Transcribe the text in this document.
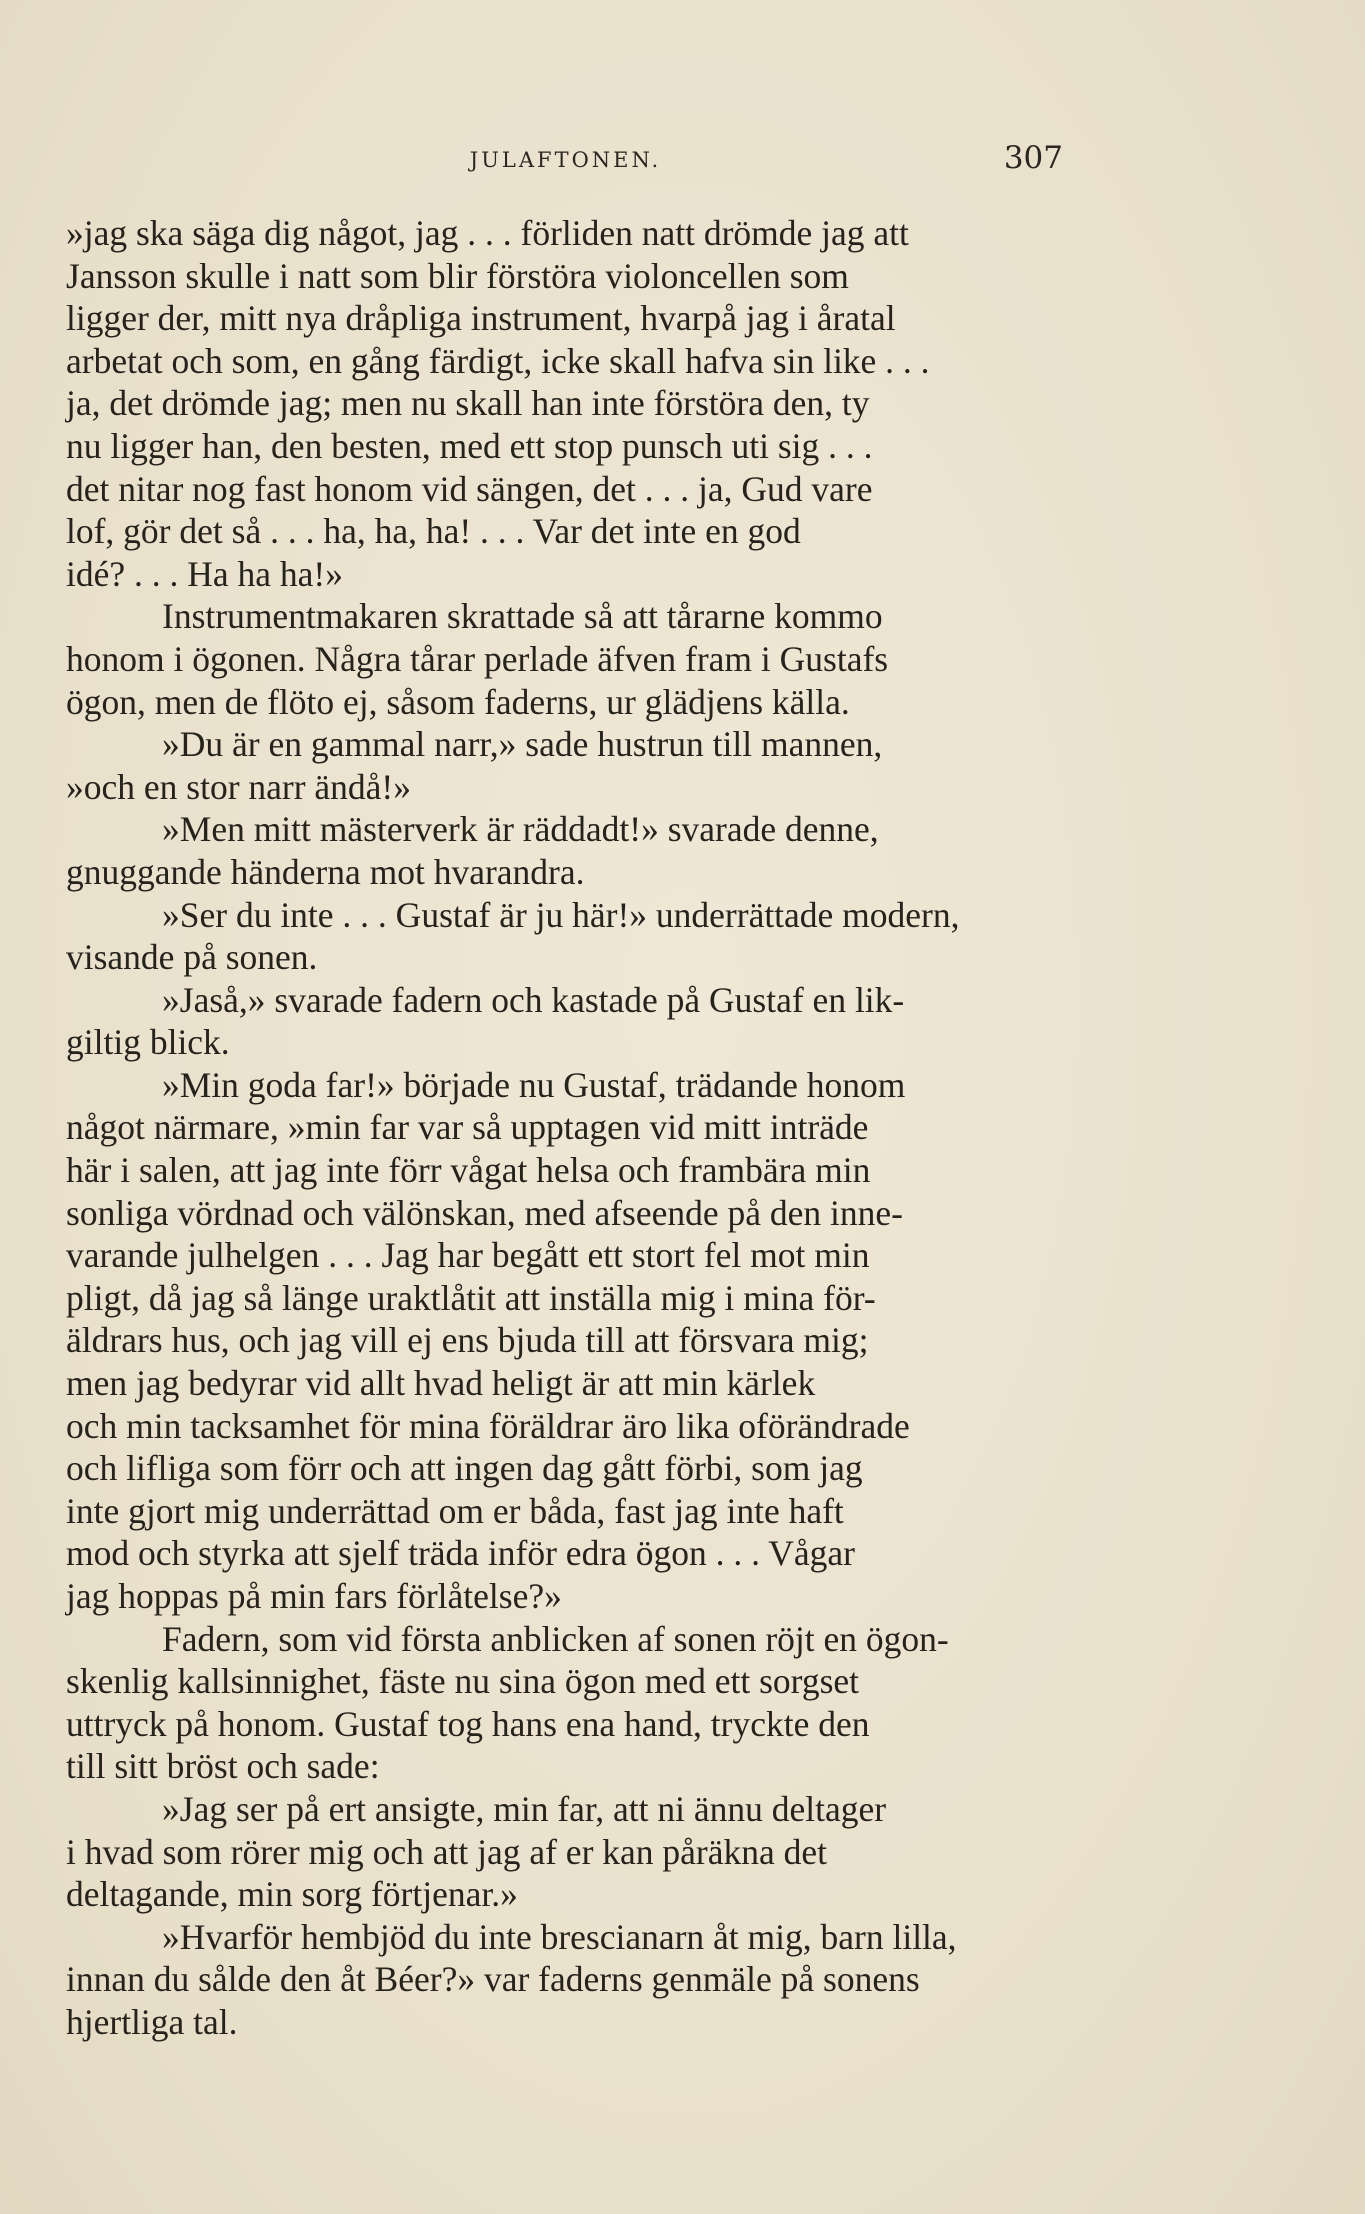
JULAFTONEN.	307
»jag ska säga dig något, jag . . . förliden natt drömde jag att
Jansson skulle i natt som blir förstöra violoncellen som
ligger der, mitt nya dråpliga instrument, hvarpå jag i åratal
arbetat och som, en gång färdigt, icke skall hafva sin like . . .
ja, det drömde jag; men nu skall han inte förstöra den, ty
nu ligger han, den besten, med ett stop punsch uti sig . . .
det nitar nog fast honom vid sängen, det . . . ja, Gud vare
lof, gör det så . . . ha, ha, ha! . . . Var det inte en god
idé? . . . Ha ha ha!»
Instrumentmakaren skrattade så att tårarne kommo
honom i ögonen. Några tårar perlade äfven fram i Gustafs
ögon, men de flöto ej, såsom faderns, ur glädjens källa.
»Du är en gammal narr,» sade hustrun till mannen,
»och en stor narr ändå!»
»Men mitt mästerverk är räddadt!» svarade denne,
gnuggande händerna mot hvarandra.
»Ser du inte . . . Gustaf är ju här!» underrättade modern,
visande på sonen.
»Jaså,» svarade fadern och kastade på Gustaf en lik-
giltig blick.
»Min goda far!» började nu Gustaf, trädande honom
något närmare, »min far var så upptagen vid mitt inträde
här i salen, att jag inte förr vågat helsa och frambära min
sonliga vördnad och välönskan, med afseende på den inne-
varande julhelgen . . . Jag har begått ett stort fel mot min
pligt, då jag så länge uraktlåtit att inställa mig i mina för-
äldrars hus, och jag vill ej ens bjuda till att försvara mig;
men jag bedyrar vid allt hvad heligt är att min kärlek
och min tacksamhet för mina föräldrar äro lika oförändrade
och lifliga som förr och att ingen dag gått förbi, som jag
inte gjort mig underrättad om er båda, fast jag inte haft
mod och styrka att sjelf träda inför edra ögon . . . Vågar
jag hoppas på min fars förlåtelse?»
Fadern, som vid första anblicken af sonen röjt en ögon-
skenlig kallsinnighet, fäste nu sina ögon med ett sorgset
uttryck på honom. Gustaf tog hans ena hand, tryckte den
till sitt bröst och sade:
»Jag ser på ert ansigte, min far, att ni ännu deltager
i hvad som rörer mig och att jag af er kan påräkna det
deltagande, min sorg förtjenar.»
»Hvarför hembjöd du inte brescianarn åt mig, barn lilla,
innan du sålde den åt Béer?» var faderns genmäle på sonens
hjertliga tal.
